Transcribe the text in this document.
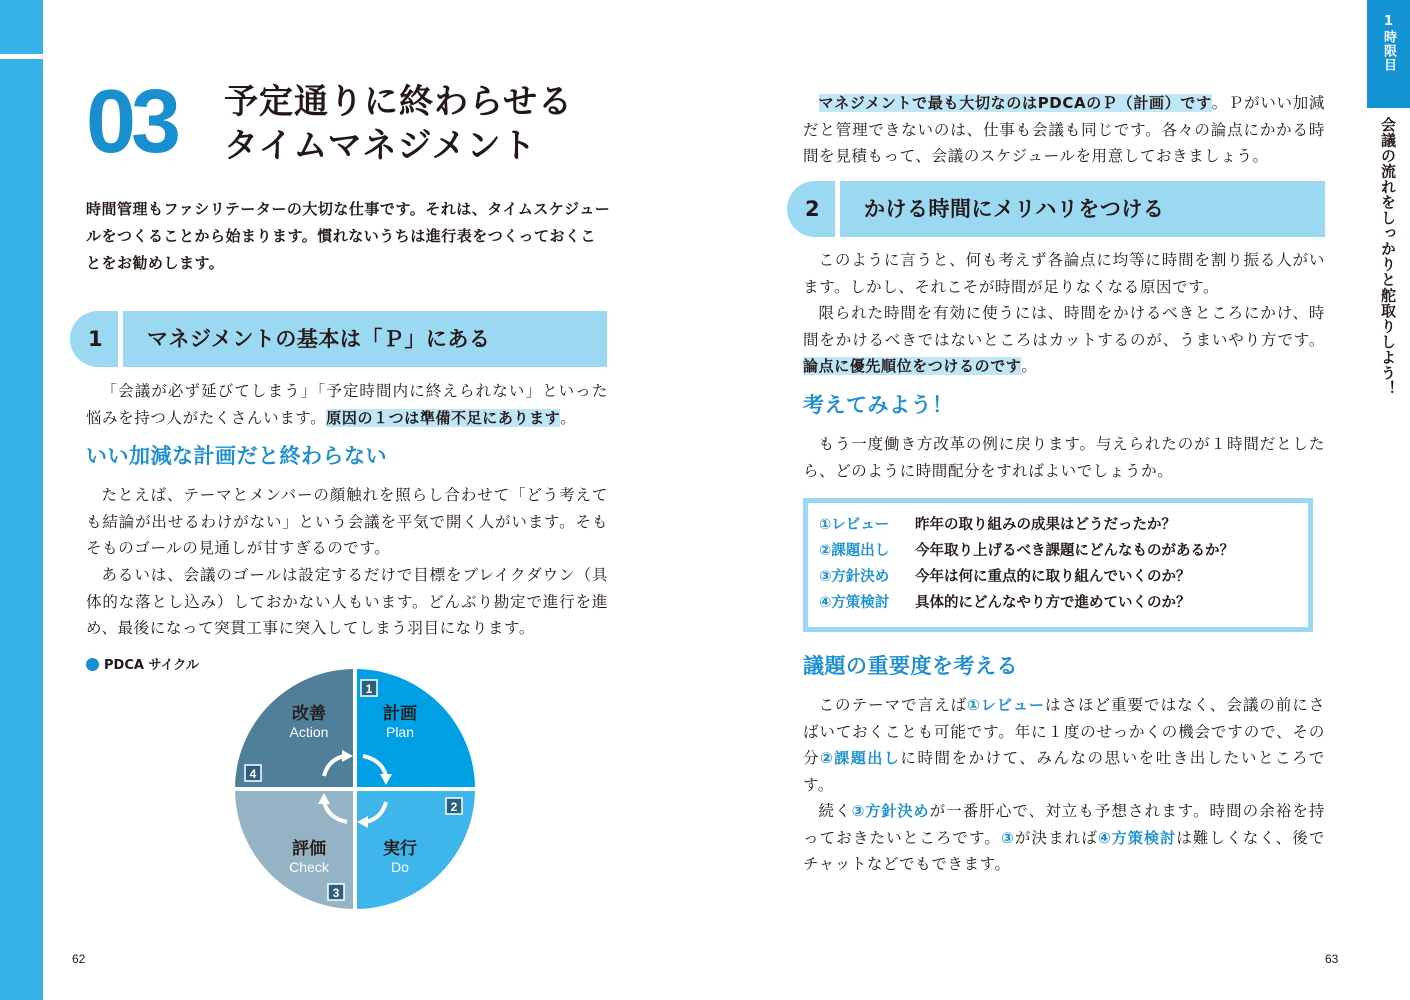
1時限目
会議の流れをしっかりと舵取りしよう！
03 予定通りに終わらせる
タイムマネジメント
時間管理もファシリテーターの大切な仕事です。それは、タイムスケジュールをつくることから始まります。慣れないうちは進行表をつくっておくことをお勧めします。
1	マネジメントの基本は「Ｐ」にある
「会議が必ず延びてしまう」「予定時間内に終えられない」といった悩みを持つ人がたくさんいます。原因の１つは準備不足にあります。
いい加減な計画だと終わらない
たとえば、テーマとメンバーの顔触れを照らし合わせて「どう考えても結論が出せるわけがない」という会議を平気で開く人がいます。そもそものゴールの見通しが甘すぎるのです。
あるいは、会議のゴールは設定するだけで目標をブレイクダウン（具体的な落とし込み）しておかない人もいます。どんぶり勘定で進行を進め、最後になって突貫工事に突入してしまう羽目になります。
PDCA サイクル
1
2
3
4
計画
Plan
実行
Do
評価
Check
改善
Action
62
マネジメントで最も大切なのはPDCAのＰ（計画）です。Ｐがいい加減だと管理できないのは、仕事も会議も同じです。各々の論点にかかる時間を見積もって、会議のスケジュールを用意しておきましょう。
2	かける時間にメリハリをつける
このように言うと、何も考えず各論点に均等に時間を割り振る人がいます。しかし、それこそが時間が足りなくなる原因です。
限られた時間を有効に使うには、時間をかけるべきところにかけ、時間をかけるべきではないところはカットするのが、うまいやり方です。論点に優先順位をつけるのです。
考えてみよう！
もう一度働き方改革の例に戻ります。与えられたのが１時間だとしたら、どのように時間配分をすればよいでしょうか。
①レビュー 昨年の取り組みの成果はどうだったか？
②課題出し 今年取り上げるべき課題にどんなものがあるか？
③方針決め 今年は何に重点的に取り組んでいくのか？
④方策検討 具体的にどんなやり方で進めていくのか？
議題の重要度を考える
このテーマで言えば①レビューはさほど重要ではなく、会議の前にさばいておくことも可能です。年に１度のせっかくの機会ですので、その分②課題出しに時間をかけて、みんなの思いを吐き出したいところです。
続く③方針決めが一番肝心で、対立も予想されます。時間の余裕を持っておきたいところです。③が決まれば④方策検討は難しくなく、後でチャットなどでもできます。
63
